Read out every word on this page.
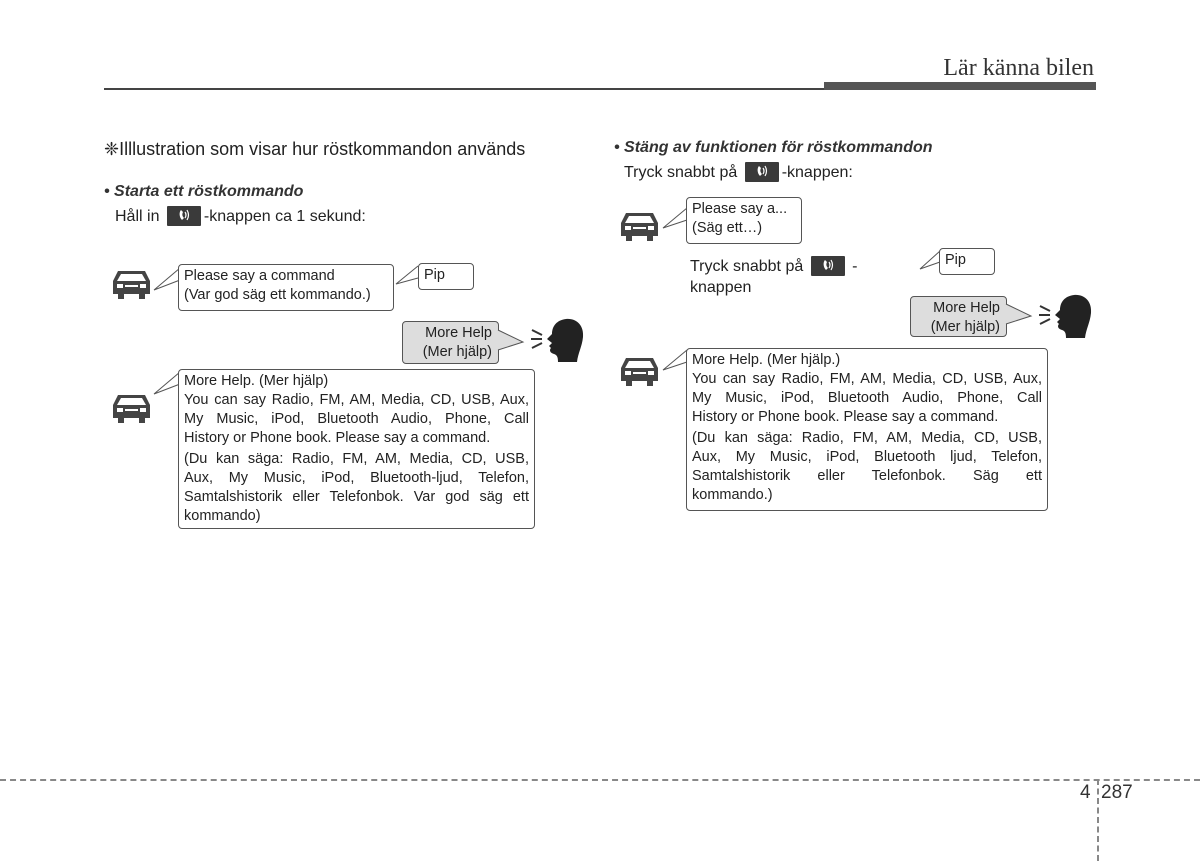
Lär känna bilen
❈Illlustration som visar hur röstkommandon används
• Starta ett röstkommando
Håll in	-knappen ca 1 sekund:
Please say a command
(Var god säg ett kommando.)
Pip
More Help
(Mer hjälp)
More Help. (Mer hjälp)
You can say Radio, FM, AM, Media, CD, USB, Aux,
My Music, iPod, Bluetooth Audio, Phone, Call
History or Phone book. Please say a command.
(Du kan säga: Radio, FM, AM, Media, CD, USB,
Aux, My Music, iPod, Bluetooth-ljud, Telefon,
Samtalshistorik eller Telefonbok. Var god säg ett
kommando)
• Stäng av funktionen för röstkommandon
Tryck snabbt på	-knappen:
Please say a...
(Säg ett…)
Tryck snabbt på	-
knappen
Pip
More Help
(Mer hjälp)
More Help. (Mer hjälp.)
You can say Radio, FM, AM, Media, CD, USB, Aux,
My Music, iPod, Bluetooth Audio, Phone, Call
History or Phone book. Please say a command.
(Du kan säga: Radio, FM, AM, Media, CD, USB,
Aux, My Music, iPod, Bluetooth ljud, Telefon,
Samtalshistorik eller Telefonbok. Säg ett
kommando.)
4 287
